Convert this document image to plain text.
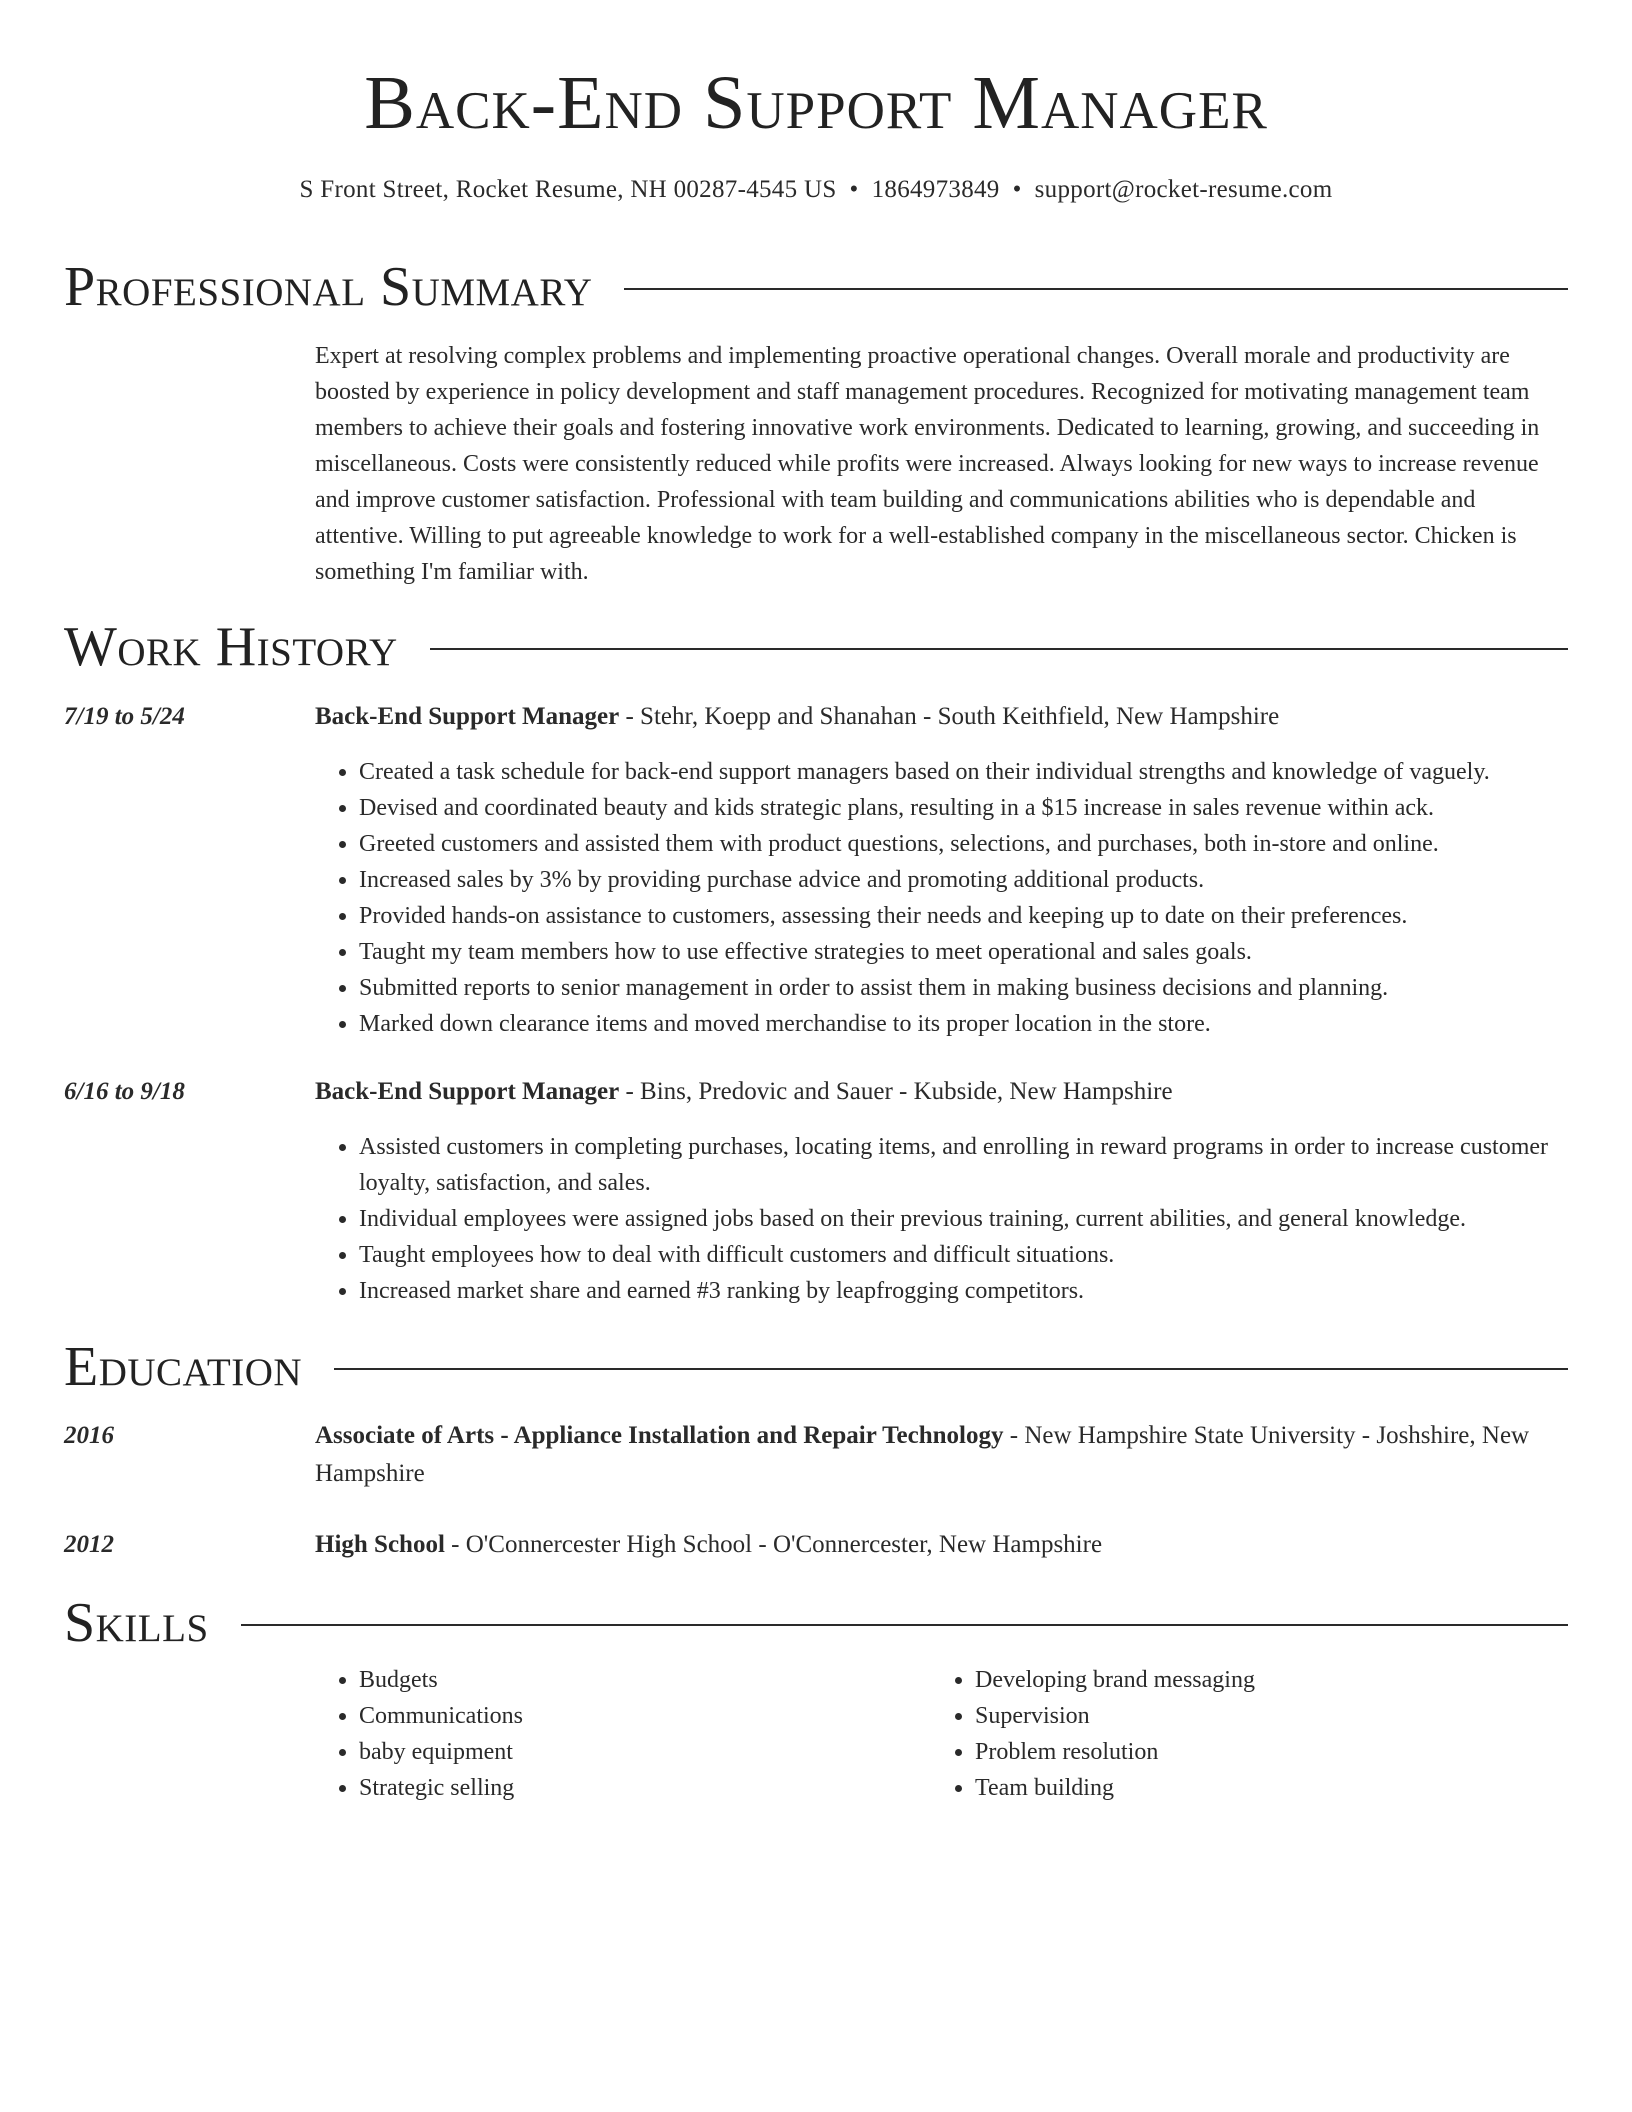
Back-End Support Manager
S Front Street, Rocket Resume, NH 00287-4545 US • 1864973849 • support@rocket-resume.com
Professional Summary

Expert at resolving complex problems and implementing proactive operational changes. Overall morale and productivity are boosted by experience in policy development and staff management procedures. Recognized for motivating management team members to achieve their goals and fostering innovative work environments. Dedicated to learning, growing, and succeeding in miscellaneous. Costs were consistently reduced while profits were increased. Always looking for new ways to increase revenue and improve customer satisfaction. Professional with team building and communications abilities who is dependable and attentive. Willing to put agreeable knowledge to work for a well-established company in the miscellaneous sector. Chicken is something I'm familiar with.

Work History
7/19 to 5/24	Back-End Support Manager - Stehr, Koepp and Shanahan - South Keithfield, New Hampshire
• Created a task schedule for back-end support managers based on their individual strengths and knowledge of vaguely.
• Devised and coordinated beauty and kids strategic plans, resulting in a $15 increase in sales revenue within ack.
• Greeted customers and assisted them with product questions, selections, and purchases, both in-store and online.
• Increased sales by 3% by providing purchase advice and promoting additional products.
• Provided hands-on assistance to customers, assessing their needs and keeping up to date on their preferences.
• Taught my team members how to use effective strategies to meet operational and sales goals.
• Submitted reports to senior management in order to assist them in making business decisions and planning.
• Marked down clearance items and moved merchandise to its proper location in the store.
6/16 to 9/18	Back-End Support Manager - Bins, Predovic and Sauer - Kubside, New Hampshire
• Assisted customers in completing purchases, locating items, and enrolling in reward programs in order to increase customer loyalty, satisfaction, and sales.
• Individual employees were assigned jobs based on their previous training, current abilities, and general knowledge.
• Taught employees how to deal with difficult customers and difficult situations.
• Increased market share and earned #3 ranking by leapfrogging competitors.
Education
2016	Associate of Arts - Appliance Installation and Repair Technology - New Hampshire State University - Joshshire, New Hampshire
2012	High School - O'Connercester High School - O'Connercester, New Hampshire
Skills
• Budgets
• Communications
• baby equipment
• Strategic selling
• Developing brand messaging
• Supervision
• Problem resolution
• Team building
